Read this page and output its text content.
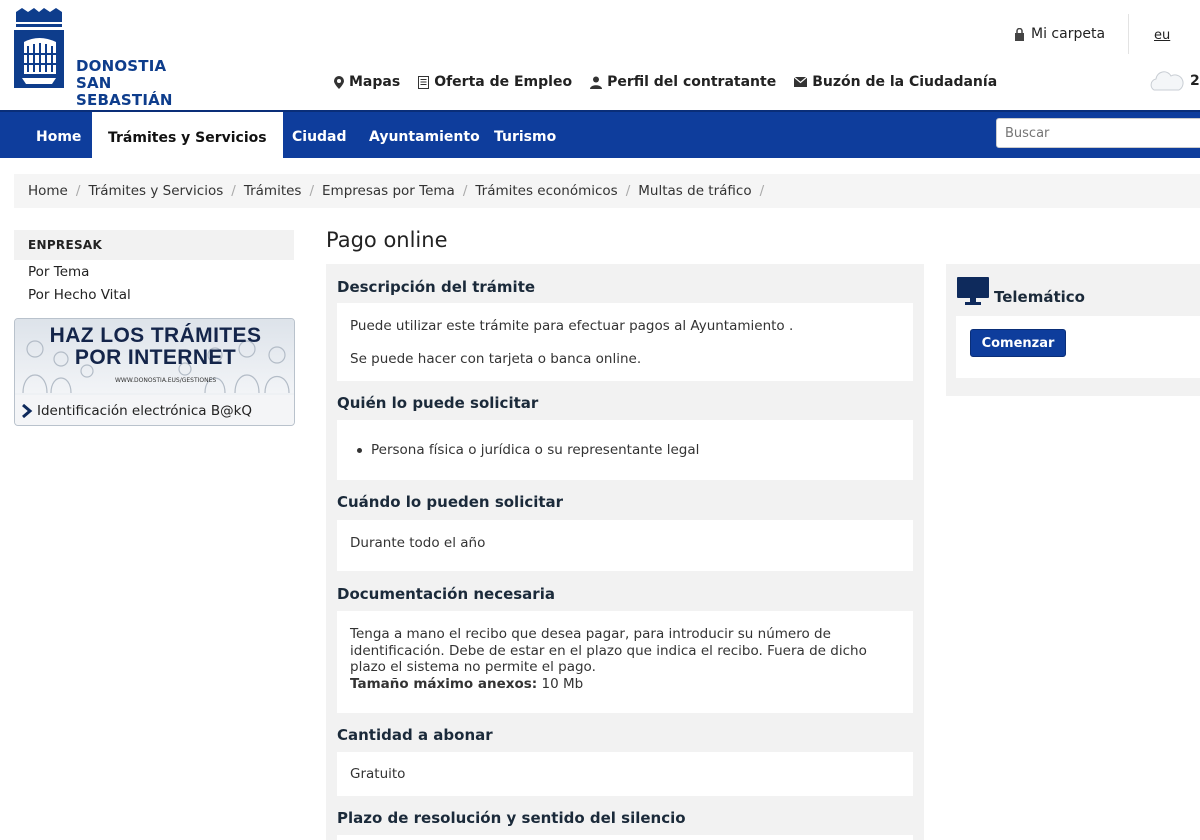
DONOSTIA
SAN SEBASTIÁN
Mi carpeta	eu
Mapas Oferta de Empleo	Perfil del contratante	Buzón de la Ciudadanía	2
Home	Trámites y Servicios	Ciudad Ayuntamiento Turismo
Buscar
Home / Trámites y Servicios / Trámites / Empresas por Tema / Trámites económicos / Multas de tráfico /
ENPRESAK
Por Tema
Por Hecho Vital
HAZ LOS TRÁMITES
POR INTERNET
WWW.DONOSTIA.EUS/GESTIONES
Identificación electrónica B@kQ
Pago online
Descripción del trámite
Puede utilizar este trámite para efectuar pagos al Ayuntamiento .
Se puede hacer con tarjeta o banca online.
Quién lo puede solicitar
Persona física o jurídica o su representante legal
Cuándo lo pueden solicitar
Durante todo el año
Documentación necesaria
Tenga a mano el recibo que desea pagar, para introducir su número de identificación. Debe de estar en el plazo que indica el recibo. Fuera de dicho plazo el sistema no permite el pago.
Tamaño máximo anexos: 10 Mb
Cantidad a abonar
Gratuito
Plazo de resolución y sentido del silencio
Telemático
Comenzar
